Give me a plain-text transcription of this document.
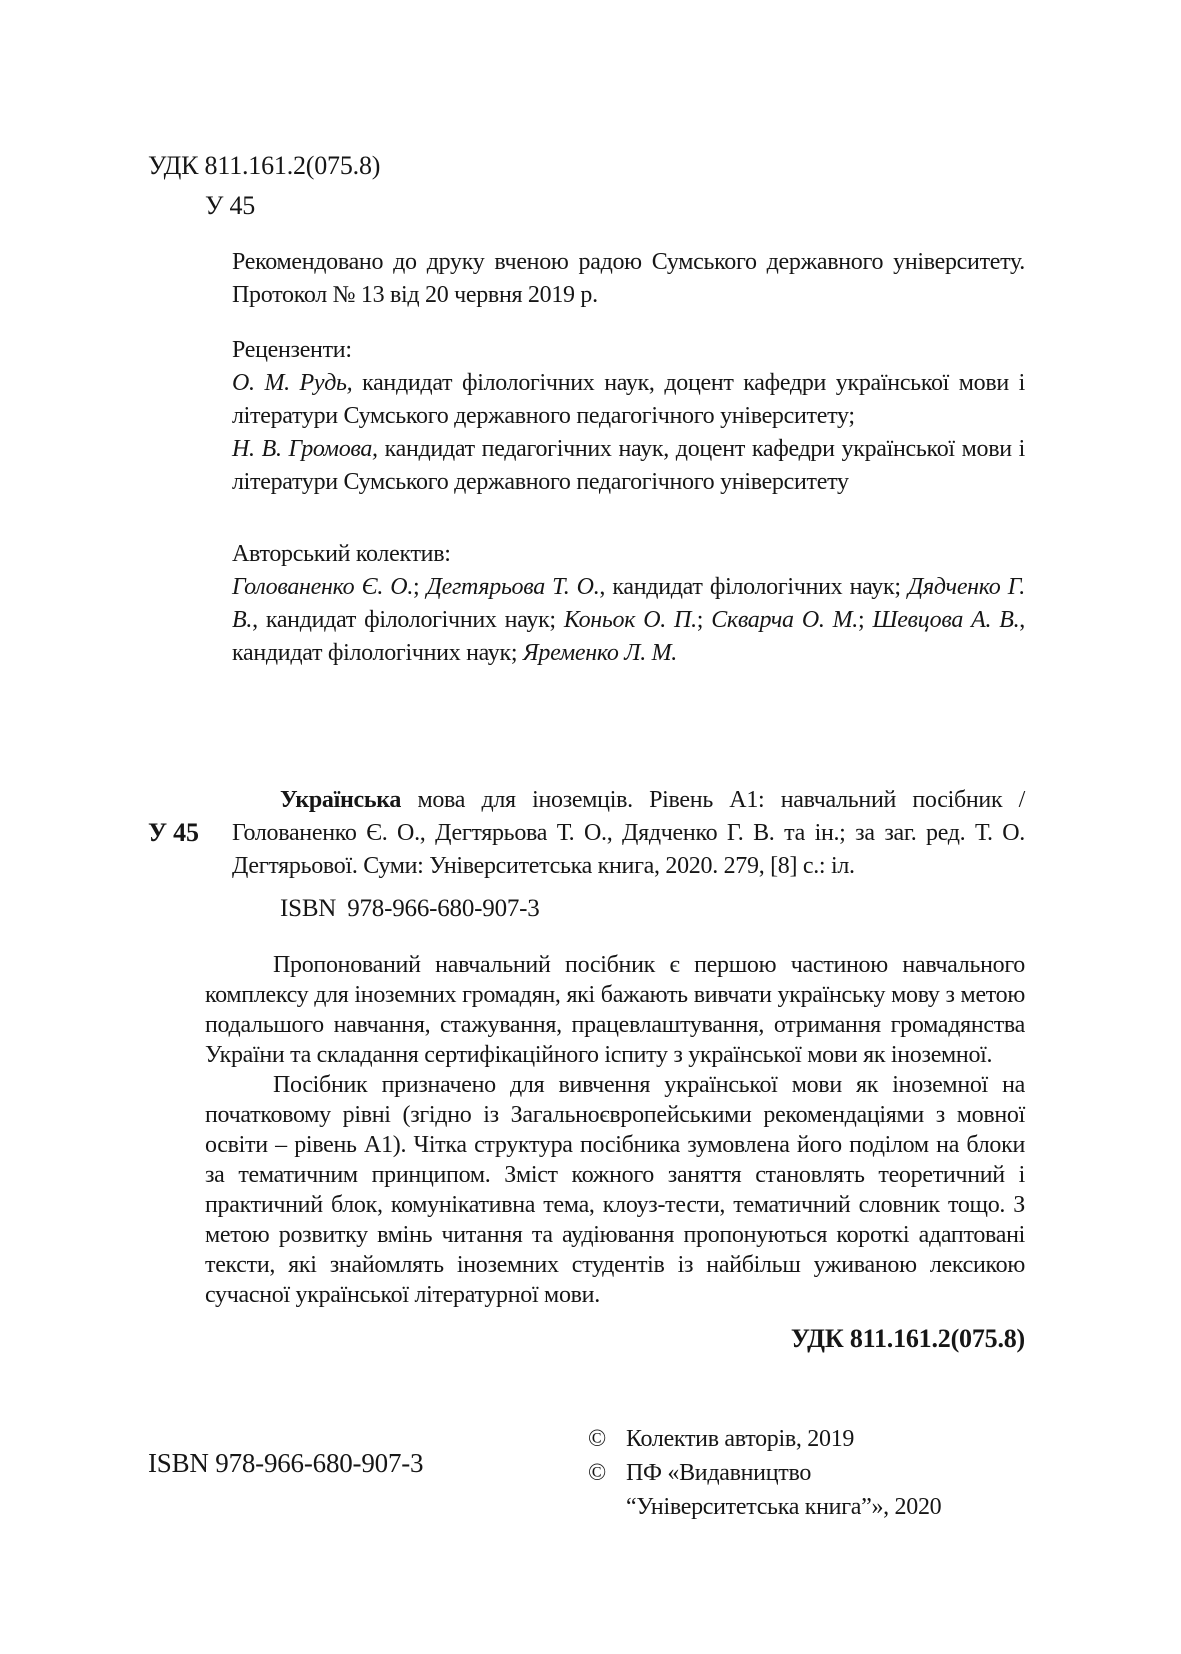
УДК 811.161.2(075.8)
У 45
Рекомендовано до друку вченою радою Сумського державного університету.
Протокол № 13 від 20 червня 2019 р.
Рецензенти:
О. М. Рудь, кандидат філологічних наук, доцент кафедри української мови і літератури Сумського державного педагогічного університету;
Н. В. Громова, кандидат педагогічних наук, доцент кафедри української мови і літератури Сумського державного педагогічного університету
Авторський колектив:
Голованенко Є. О.; Дегтярьова Т. О., кандидат філологічних наук; Дядченко Г. В., кандидат філологічних наук; Коньок О. П.; Скварча О. М.; Шевцова А. В., кандидат філологічних наук; Яременко Л. М.
У 45
Українська мова для іноземців. Рівень А1: навчальний посібник / Голованенко Є. О., Дегтярьова Т. О., Дядченко Г. В. та ін.; за заг. ред. Т. О. Дегтярьової. Суми: Університетська книга, 2020. 279, [8] с.: іл.
ISBN 978-966-680-907-3

Пропонований навчальний посібник є першою частиною навчального комплексу для іноземних громадян, які бажають вивчати українську мову з метою подальшого навчання, стажування, працевлаштування, отримання громадянства України та складання сертифікаційного іспиту з української мови як іноземної.

Посібник призначено для вивчення української мови як іноземної на початковому рівні (згідно із Загальноєвропейськими рекомендаціями з мовної освіти – рівень А1). Чітка структура посібника зумовлена його поділом на блоки за тематичним принципом. Зміст кожного заняття становлять теоретичний і практичний блок, комунікативна тема, клоуз-тести, тематичний словник тощо. З метою розвитку вмінь читання та аудіювання пропонуються короткі адаптовані тексти, які знайомлять іноземних студентів із найбільш уживаною лексикою сучасної української літературної мови.

УДК 811.161.2(075.8)
ISBN 978-966-680-907-3
© Колектив авторів, 2019
© ПФ «Видавництво “Університетська книга”», 2020
